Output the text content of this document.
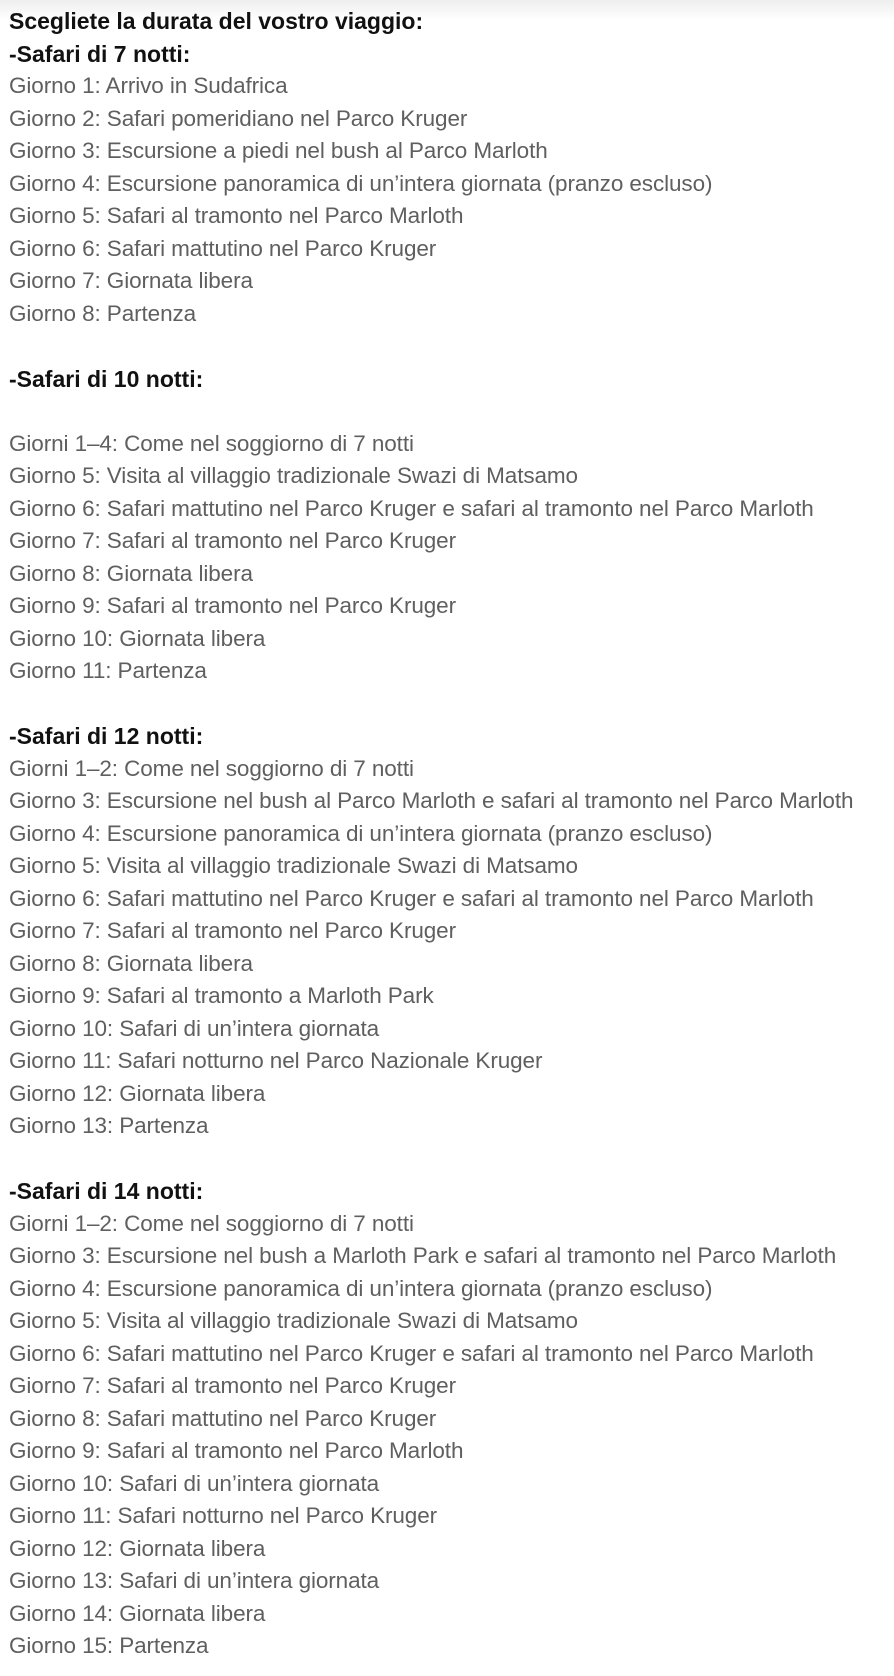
Scegliete la durata del vostro viaggio:
-Safari di 7 notti:
Giorno 1: Arrivo in Sudafrica
Giorno 2: Safari pomeridiano nel Parco Kruger
Giorno 3: Escursione a piedi nel bush al Parco Marloth
Giorno 4: Escursione panoramica di un’intera giornata (pranzo escluso)
Giorno 5: Safari al tramonto nel Parco Marloth
Giorno 6: Safari mattutino nel Parco Kruger
Giorno 7: Giornata libera
Giorno 8: Partenza
-Safari di 10 notti:
Giorni 1–4: Come nel soggiorno di 7 notti
Giorno 5: Visita al villaggio tradizionale Swazi di Matsamo
Giorno 6: Safari mattutino nel Parco Kruger e safari al tramonto nel Parco Marloth
Giorno 7: Safari al tramonto nel Parco Kruger
Giorno 8: Giornata libera
Giorno 9: Safari al tramonto nel Parco Kruger
Giorno 10: Giornata libera
Giorno 11: Partenza
-Safari di 12 notti:
Giorni 1–2: Come nel soggiorno di 7 notti
Giorno 3: Escursione nel bush al Parco Marloth e safari al tramonto nel Parco Marloth
Giorno 4: Escursione panoramica di un’intera giornata (pranzo escluso)
Giorno 5: Visita al villaggio tradizionale Swazi di Matsamo
Giorno 6: Safari mattutino nel Parco Kruger e safari al tramonto nel Parco Marloth
Giorno 7: Safari al tramonto nel Parco Kruger
Giorno 8: Giornata libera
Giorno 9: Safari al tramonto a Marloth Park
Giorno 10: Safari di un’intera giornata
Giorno 11: Safari notturno nel Parco Nazionale Kruger
Giorno 12: Giornata libera
Giorno 13: Partenza
-Safari di 14 notti:
Giorni 1–2: Come nel soggiorno di 7 notti
Giorno 3: Escursione nel bush a Marloth Park e safari al tramonto nel Parco Marloth
Giorno 4: Escursione panoramica di un’intera giornata (pranzo escluso)
Giorno 5: Visita al villaggio tradizionale Swazi di Matsamo
Giorno 6: Safari mattutino nel Parco Kruger e safari al tramonto nel Parco Marloth
Giorno 7: Safari al tramonto nel Parco Kruger
Giorno 8: Safari mattutino nel Parco Kruger
Giorno 9: Safari al tramonto nel Parco Marloth
Giorno 10: Safari di un’intera giornata
Giorno 11: Safari notturno nel Parco Kruger
Giorno 12: Giornata libera
Giorno 13: Safari di un’intera giornata
Giorno 14: Giornata libera
Giorno 15: Partenza
